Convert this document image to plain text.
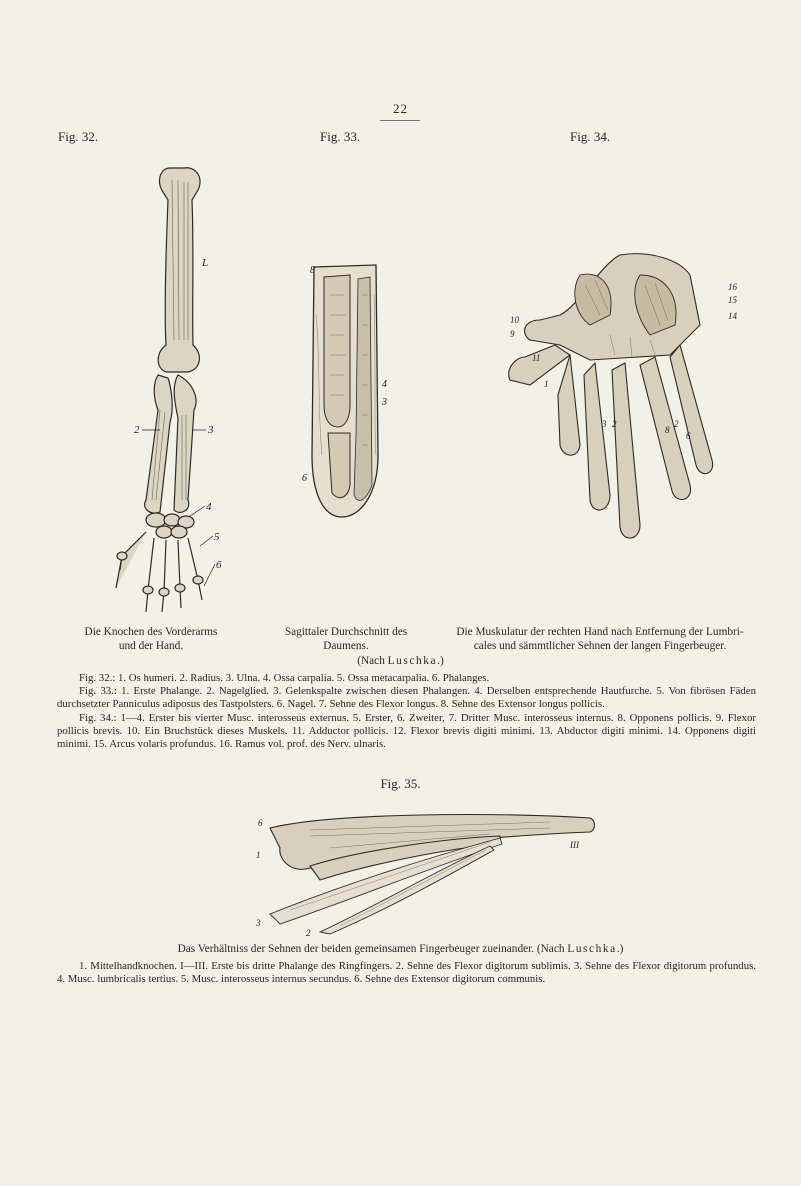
22
Fig. 32.	Fig. 33.	Fig. 34.
L
2	3
4
5
6
8
4
3
6
16
15
14
10
9
11
1
3 2	2
6
8
Die Knochen des Vorderarms
und der Hand.
Sagittaler Durchschnitt des
Daumens.
Die Muskulatur der rechten Hand nach Entfernung der Lumbri-
cales und sämmtlicher Sehnen der langen Fingerbeuger.
(Nach Luschka.)

Fig. 32.: 1. Os humeri. 2. Radius. 3. Ulna. 4. Ossa carpalia. 5. Ossa metacarpalia. 6. Phalanges.

Fig. 33.: 1. Erste Phalange. 2. Nagelglied. 3. Gelenkspalte zwischen diesen Phalangen. 4. Derselben entsprechende Hautfurche. 5. Von fibrösen Fäden durchsetzter Panniculus adiposus des Tastpolsters. 6. Nagel. 7. Sehne des Flexor longus. 8. Sehne des Extensor longus pollicis.

Fig. 34.: 1—4. Erster bis vierter Musc. interosseus externus. 5. Erster, 6. Zweiter, 7. Dritter Musc. interosseus internus. 8. Opponens pollicis. 9. Flexor pollicis brevis. 10. Ein Bruchstück dieses Muskels. 11. Adductor pollicis. 12. Flexor brevis digiti minimi. 13. Abductor digiti minimi. 14. Opponens digiti minimi. 15. Arcus volaris profundus. 16. Ramus vol. prof. des Nerv. ulnaris.

Fig. 35.
6
1
III
3
2
Das Verhältniss der Sehnen der beiden gemeinsamen Fingerbeuger zueinander. (Nach Luschka.)

1. Mittelhandknochen. I—III. Erste bis dritte Phalange des Ringfingers. 2. Sehne des Flexor digitorum sublimis. 3. Sehne des Flexor digitorum profundus. 4. Musc. lumbricalis tertius. 5. Musc. interosseus internus secundus. 6. Sehne des Extensor digitorum communis.
